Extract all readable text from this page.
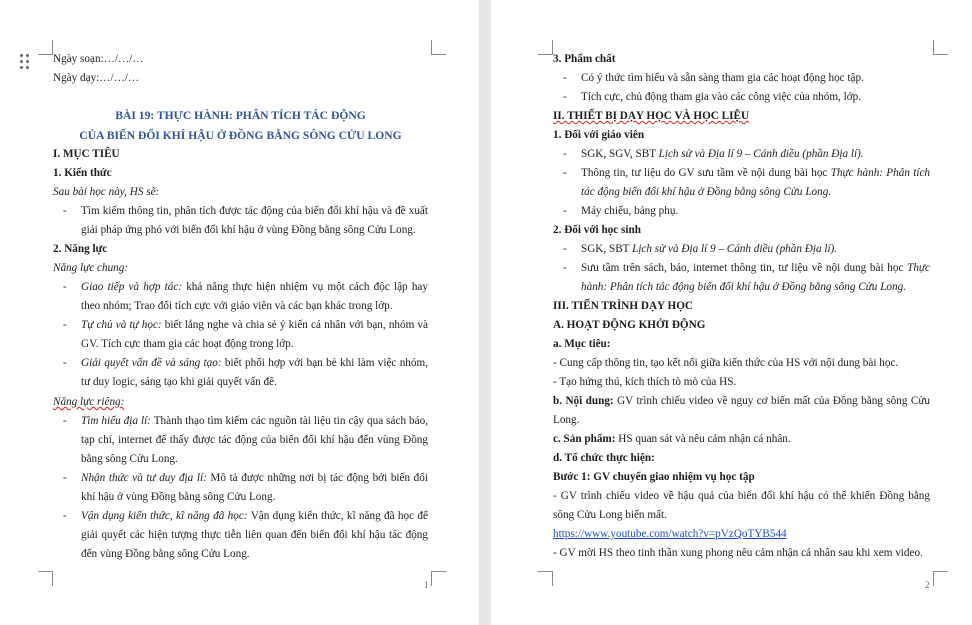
Ngày soạn:…/…/…

Ngày dạy:…/…/…

BÀI 19: THỰC HÀNH: PHÂN TÍCH TÁC ĐỘNG

CỦA BIẾN ĐỔI KHÍ HẬU Ở ĐỒNG BẰNG SÔNG CỬU LONG

I. MỤC TIÊU

1. Kiến thức

Sau bài học này, HS sẽ:

- Tìm kiếm thông tin, phân tích được tác động của biến đổi khí hậu và đề xuất giải pháp ứng phó với biến đổi khí hậu ở vùng Đồng bằng sông Cửu Long.

2. Năng lực

Năng lực chung:

- Giao tiếp và hợp tác: khả năng thực hiện nhiệm vụ một cách độc lập hay theo nhóm; Trao đổi tích cực với giáo viên và các bạn khác trong lớp.

- Tự chủ và tự học: biết lắng nghe và chia sẻ ý kiến cá nhân với bạn, nhóm và GV. Tích cực tham gia các hoạt động trong lớp.

- Giải quyết vấn đề và sáng tạo: biết phối hợp với bạn bè khi làm việc nhóm, tư duy logic, sáng tạo khi giải quyết vấn đề.

Năng lực riêng:

- Tìm hiểu địa lí: Thành thạo tìm kiếm các nguồn tài liệu tin cậy qua sách báo, tạp chí, internet để thấy được tác động của biến đổi khí hậu đến vùng Đồng bằng sông Cửu Long.

- Nhận thức và tư duy địa lí: Mô tả được những nơi bị tác động bởi biến đổi khí hậu ở vùng Đồng bằng sông Cửu Long.

- Vận dụng kiến thức, kĩ năng đã học: Vận dụng kiến thức, kĩ năng đã học để giải quyết các hiện tượng thực tiễn liên quan đến biến đổi khí hậu tác động đến vùng Đồng bằng sông Cửu Long.

1

3. Phẩm chất

- Có ý thức tìm hiểu và sẵn sàng tham gia các hoạt động học tập.

- Tích cực, chủ động tham gia vào các công việc của nhóm, lớp.

II. THIẾT BỊ DẠY HỌC VÀ HỌC LIỆU

1. Đối với giáo viên

- SGK, SGV, SBT Lịch sử và Địa lí 9 – Cánh diều (phần Địa lí).

- Thông tin, tư liệu do GV sưu tầm về nội dung bài học Thực hành: Phân tích tác động biến đổi khí hậu ở Đồng bằng sông Cửu Long.

- Máy chiếu, bảng phụ.

2. Đối với học sinh

- SGK, SBT Lịch sử và Địa lí 9 – Cánh diều (phần Địa lí).

- Sưu tầm trên sách, báo, internet thông tin, tư liệu về nội dung bài học Thực hành: Phân tích tác động biến đổi khí hậu ở Đồng bằng sông Cửu Long.

III. TIẾN TRÌNH DẠY HỌC

A. HOẠT ĐỘNG KHỞI ĐỘNG

a. Mục tiêu:

- Cung cấp thông tin, tạo kết nối giữa kiến thức của HS với nội dung bài học.

- Tạo hứng thú, kích thích tò mò của HS.

b. Nội dung: GV trình chiếu video về nguy cơ biến mất của Đồng bằng sông Cửu Long.

c. Sản phẩm: HS quan sát và nêu cảm nhận cá nhân.

d. Tổ chức thực hiện:

Bước 1: GV chuyển giao nhiệm vụ học tập

- GV trình chiếu video về hậu quả của biến đổi khí hậu có thể khiến Đồng bằng sông Cửu Long biến mất.

https://www.youtube.com/watch?v=pVzQoTYB544

- GV mời HS theo tinh thần xung phong nêu cảm nhận cá nhân sau khi xem video.

2
